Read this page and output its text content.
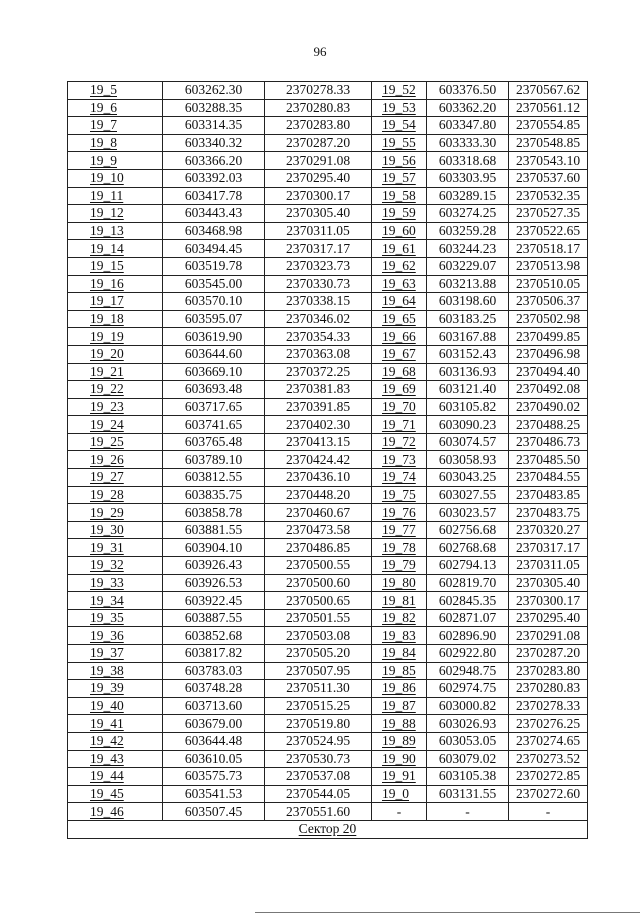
96
19_5	603262.30	2370278.33	19_52	603376.50	2370567.62
19_6	603288.35	2370280.83	19_53	603362.20	2370561.12
19_7	603314.35	2370283.80	19_54	603347.80	2370554.85
19_8	603340.32	2370287.20	19_55	603333.30	2370548.85
19_9	603366.20	2370291.08	19_56	603318.68	2370543.10
19_10	603392.03	2370295.40	19_57	603303.95	2370537.60
19_11	603417.78	2370300.17	19_58	603289.15	2370532.35
19_12	603443.43	2370305.40	19_59	603274.25	2370527.35
19_13	603468.98	2370311.05	19_60	603259.28	2370522.65
19_14	603494.45	2370317.17	19_61	603244.23	2370518.17
19_15	603519.78	2370323.73	19_62	603229.07	2370513.98
19_16	603545.00	2370330.73	19_63	603213.88	2370510.05
19_17	603570.10	2370338.15	19_64	603198.60	2370506.37
19_18	603595.07	2370346.02	19_65	603183.25	2370502.98
19_19	603619.90	2370354.33	19_66	603167.88	2370499.85
19_20	603644.60	2370363.08	19_67	603152.43	2370496.98
19_21	603669.10	2370372.25	19_68	603136.93	2370494.40
19_22	603693.48	2370381.83	19_69	603121.40	2370492.08
19_23	603717.65	2370391.85	19_70	603105.82	2370490.02
19_24	603741.65	2370402.30	19_71	603090.23	2370488.25
19_25	603765.48	2370413.15	19_72	603074.57	2370486.73
19_26	603789.10	2370424.42	19_73	603058.93	2370485.50
19_27	603812.55	2370436.10	19_74	603043.25	2370484.55
19_28	603835.75	2370448.20	19_75	603027.55	2370483.85
19_29	603858.78	2370460.67	19_76	603023.57	2370483.75
19_30	603881.55	2370473.58	19_77	602756.68	2370320.27
19_31	603904.10	2370486.85	19_78	602768.68	2370317.17
19_32	603926.43	2370500.55	19_79	602794.13	2370311.05
19_33	603926.53	2370500.60	19_80	602819.70	2370305.40
19_34	603922.45	2370500.65	19_81	602845.35	2370300.17
19_35	603887.55	2370501.55	19_82	602871.07	2370295.40
19_36	603852.68	2370503.08	19_83	602896.90	2370291.08
19_37	603817.82	2370505.20	19_84	602922.80	2370287.20
19_38	603783.03	2370507.95	19_85	602948.75	2370283.80
19_39	603748.28	2370511.30	19_86	602974.75	2370280.83
19_40	603713.60	2370515.25	19_87	603000.82	2370278.33
19_41	603679.00	2370519.80	19_88	603026.93	2370276.25
19_42	603644.48	2370524.95	19_89	603053.05	2370274.65
19_43	603610.05	2370530.73	19_90	603079.02	2370273.52
19_44	603575.73	2370537.08	19_91	603105.38	2370272.85
19_45	603541.53	2370544.05	19_0	603131.55	2370272.60
19_46	603507.45	2370551.60	-	-	-
Сектор 20					
